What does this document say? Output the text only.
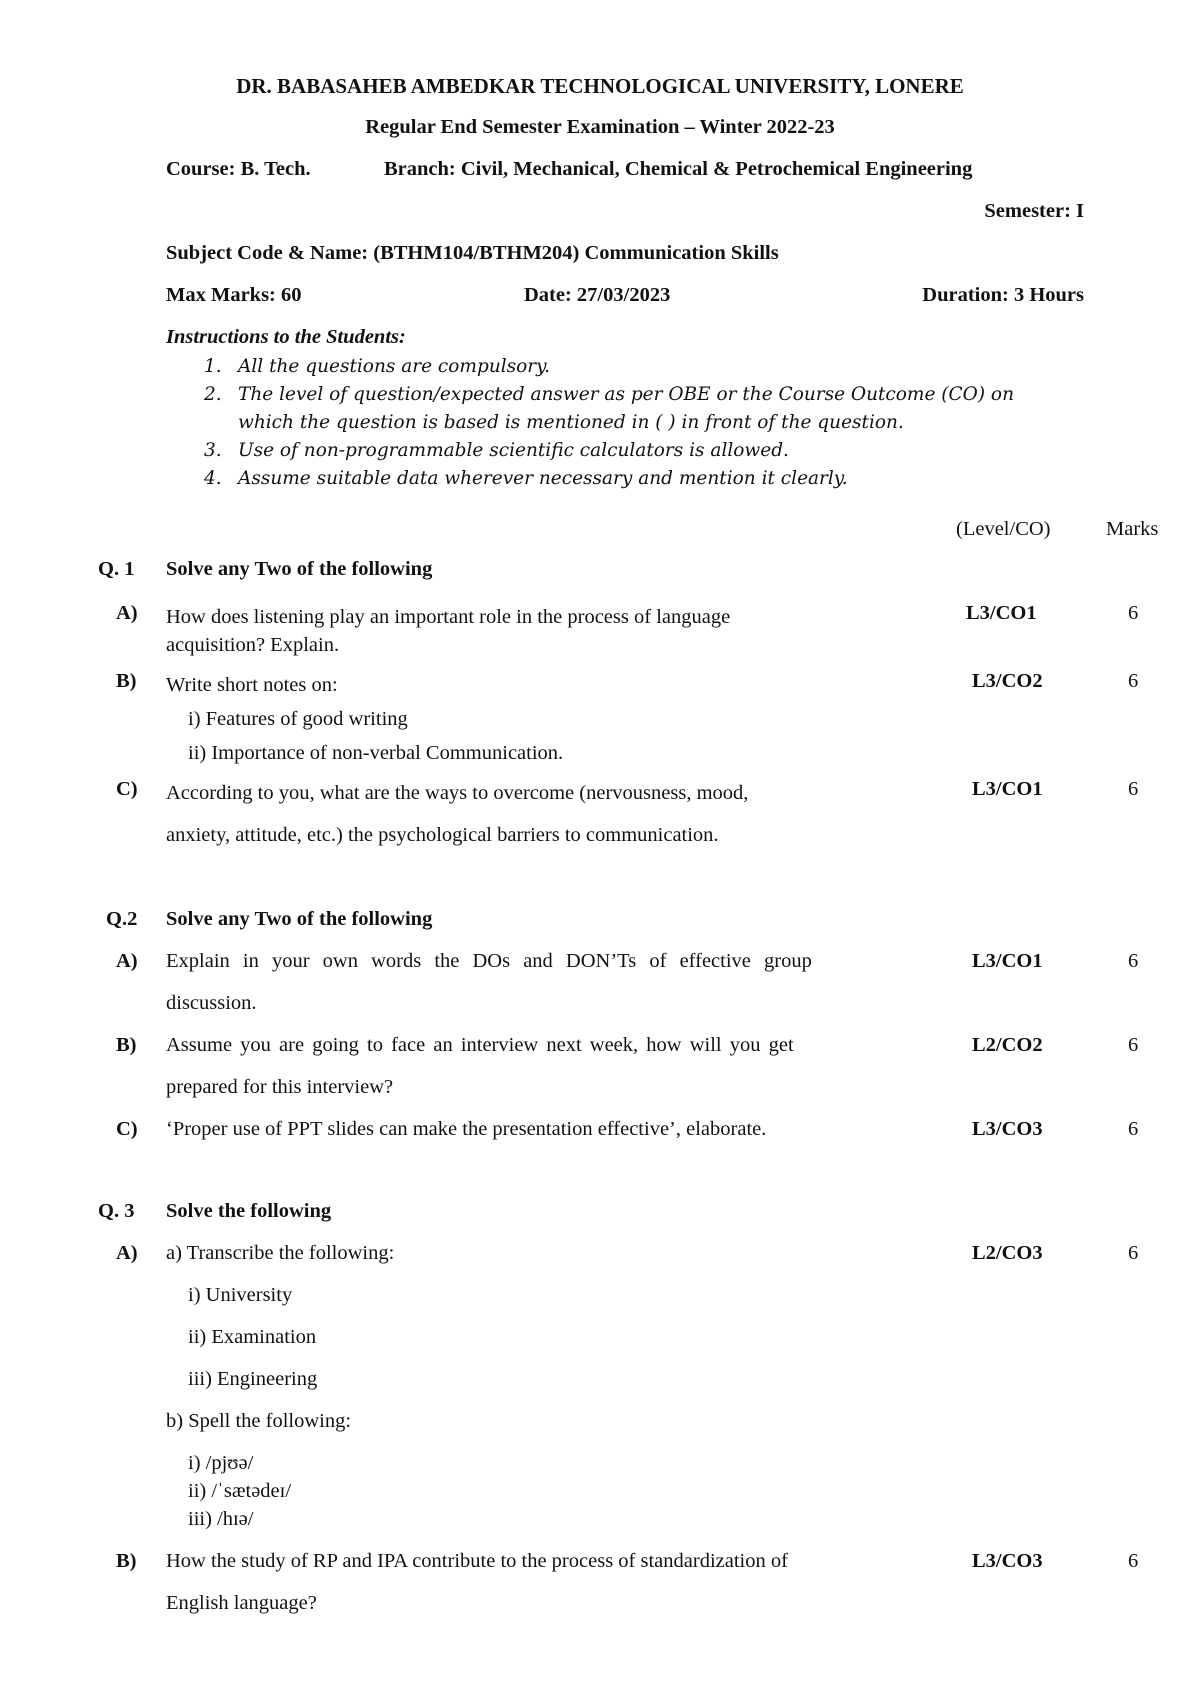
DR. BABASAHEB AMBEDKAR TECHNOLOGICAL UNIVERSITY, LONERE
Regular End Semester Examination – Winter 2022-23
Course: B. Tech.	Branch: Civil, Mechanical, Chemical & Petrochemical Engineering
Semester: I
Subject Code & Name: (BTHM104/BTHM204) Communication Skills
Max Marks: 60	Date: 27/03/2023	Duration: 3 Hours
Instructions to the Students:
1. All the questions are compulsory.
2. The level of question/expected answer as per OBE or the Course Outcome (CO) on
which the question is based is mentioned in ( ) in front of the question.
3. Use of non-programmable scientific calculators is allowed.
4. Assume suitable data wherever necessary and mention it clearly.
(Level/CO)	Marks
Q. 1 Solve any Two of the following
A) How does listening play an important role in the process of language
acquisition? Explain.
L3/CO1	6
B) Write short notes on:
i) Features of good writing
ii) Importance of non-verbal Communication.
L3/CO2	6
C) According to you, what are the ways to overcome (nervousness, mood,
anxiety, attitude, etc.) the psychological barriers to communication.
L3/CO1	6
Q.2 Solve any Two of the following
A) Explain in your own words the DOs and DON’Ts of effective group
discussion.
L3/CO1	6
B) Assume you are going to face an interview next week, how will you get
prepared for this interview?
L2/CO2	6
C) ‘Proper use of PPT slides can make the presentation effective’, elaborate.	L3/CO3	6
Q. 3 Solve the following
A) a) Transcribe the following:
i) University
ii) Examination
iii) Engineering
b) Spell the following:
i) /pjʊə/
ii) /ˈsætədeɪ/
iii) /hɪə/
L2/CO3	6
B) How the study of RP and IPA contribute to the process of standardization of
English language?
L3/CO3	6
